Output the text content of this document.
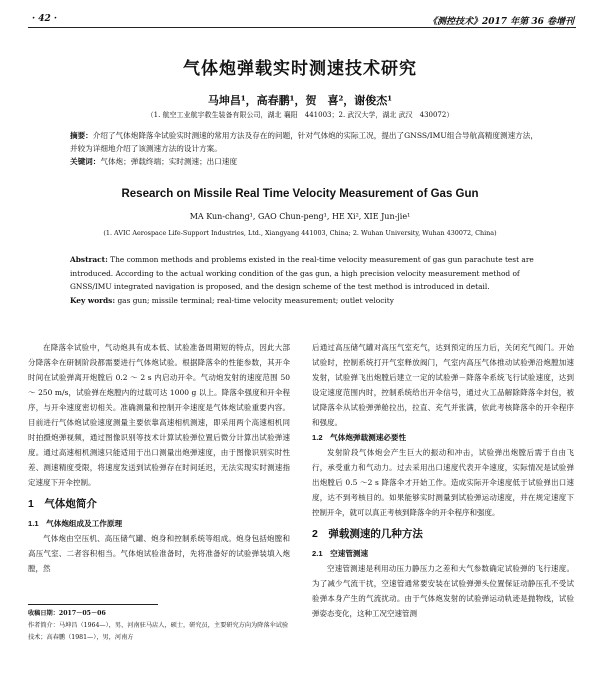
· 42 ·	《测控技术》2017 年第 36 卷增刊
气体炮弹载实时测速技术研究
马坤昌¹，高春鹏¹，贺　喜²，谢俊杰¹
（1. 航空工业航宇救生装备有限公司，湖北 襄阳　441003；2. 武汉大学，湖北 武汉　430072）
摘要：介绍了气体炮降落伞试验实时测速的常用方法及存在的问题，针对气体炮的实际工况，提出了GNSS/IMU组合导航高精度测速方法，并较为详细地介绍了该测速方法的设计方案。
关键词：气体炮；弹载终端；实时测速；出口速度
Research on Missile Real Time Velocity Measurement of Gas Gun
MA Kun-chang¹, GAO Chun-peng¹, HE Xi², XIE Jun-jie¹
(1. AVIC Aerospace Life-Support Industries, Ltd., Xiangyang 441003, China; 2. Wuhan University, Wuhan 430072, China)
Abstract: The common methods and problems existed in the real-time velocity measurement of gas gun parachute test are introduced. According to the actual working condition of the gas gun, a high precision velocity measurement method of GNSS/IMU integrated navigation is proposed, and the design scheme of the test method is introduced in detail.
Key words: gas gun; missile terminal; real-time velocity measurement; outlet velocity

在降落伞试验中，气动炮具有成本低、试验准备周期短的特点，因此大部分降落伞在研制阶段都需要进行气体炮试验。根据降落伞的性能参数，其开伞时间在试验弹离开炮膛后 0.2 ～ 2 s 内启动开伞。气动炮发射的速度范围 50 ～ 250 m/s，试验弹在炮膛内的过载可达 1000 g 以上。降落伞强度和开伞程序，与开伞速度密切相关。准确测量和控制开伞速度是气体炮试验重要内容。目前进行气体炮试验速度测量主要依靠高速相机测速，即采用两个高速相机同时拍摄炮弹视频，通过图像识别等技术计算试验弹位置后微分计算出试验弹速度。通过高速相机测速只能适用于出口测量出炮弹速度，由于图像识别实时性差、测速精度受限，将速度发送到试验弹存在时间延迟，无法实现实时测速指定速度下开伞控制。

1　气体炮简介

1.1　气体炮组成及工作原理

气体炮由空压机、高压储气罐、炮身和控制系统等组成。炮身包括炮膛和高压气室、二者容积相当。气体炮试验准备时，先将准备好的试验弹装填入炮膛，然

收稿日期：2017－05－06

作者简介：马坤昌（1964—），男，河南驻马店人，硕士，研究员，主要研究方向为降落伞试验技术；高春鹏（1981—），男，河南方

后通过高压储气罐对高压气室充气，达到预定的压力后，关闭充气阀门。开始试验时，控制系统打开气室释放阀门，气室内高压气体推动试验弹沿炮膛加速发射，试验弹飞出炮膛后建立一定的试验弹－降落伞系统飞行试验速度，达到设定速度范围内时，控制系统给出开伞信号，通过火工品解除降落伞封包，被试降落伞从试验弹弹舱拉出，拉直、充气并张满，依此考核降落伞的开伞程序和强度。

1.2　气体炮弹载测速必要性

发射阶段气体炮会产生巨大的振动和冲击，试验弹出炮膛后需于自由飞行，承受重力和气动力。过去采用出口速度代表开伞速度，实际情况是试验弹出炮膛后 0.5 ～2 s 降落伞才开始工作。造成实际开伞速度低于试验弹出口速度，达不到考核目的。如果能够实时测量到试验弹运动速度，并在规定速度下控制开伞，就可以真正考核到降落伞的开伞程序和强度。

2　弹载测速的几种方法

2.1　空速管测速

空速管测速是利用动压力静压力之差和大气参数确定试验弹的飞行速度。为了减少气流干扰，空速管通常要安装在试验弹弹头位置保证动静压孔不受试验弹本身产生的气流扰动。由于气体炮发射的试验弹运动轨迹是抛物线，试验弹姿态变化，这种工况空速管测
